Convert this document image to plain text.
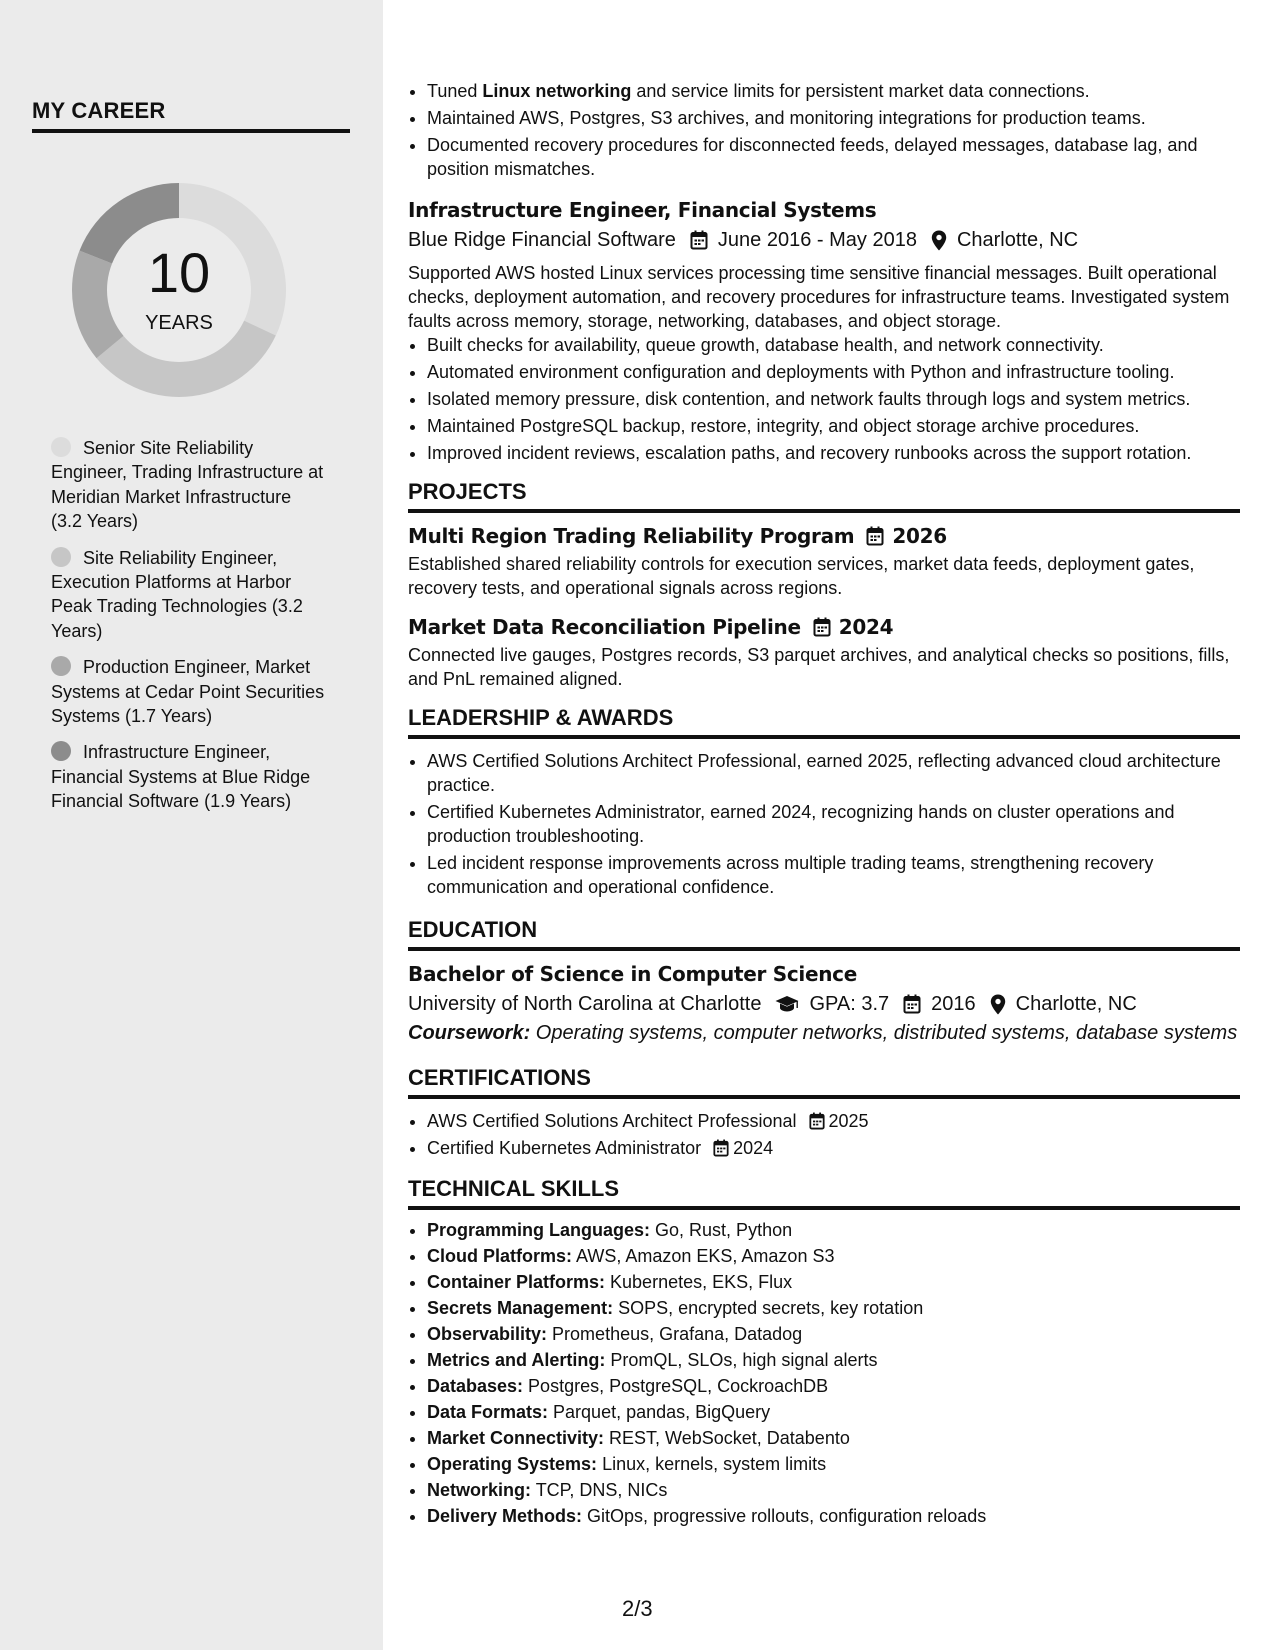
MY CAREER
10
YEARS
Senior Site Reliability Engineer, Trading Infrastructure at Meridian Market Infrastructure (3.2 Years)
Site Reliability Engineer, Execution Platforms at Harbor Peak Trading Technologies (3.2 Years)
Production Engineer, Market Systems at Cedar Point Securities Systems (1.7 Years)
Infrastructure Engineer, Financial Systems at Blue Ridge Financial Software (1.9 Years)
• Tuned Linux networking and service limits for persistent market data connections.
• Maintained AWS, Postgres, S3 archives, and monitoring integrations for production teams.
• Documented recovery procedures for disconnected feeds, delayed messages, database lag, and position mismatches.
Infrastructure Engineer, Financial Systems
Blue Ridge Financial Software June 2016 - May 2018 Charlotte, NC
Supported AWS hosted Linux services processing time sensitive financial messages. Built operational checks, deployment automation, and recovery procedures for infrastructure teams. Investigated system faults across memory, storage, networking, databases, and object storage.
• Built checks for availability, queue growth, database health, and network connectivity.
• Automated environment configuration and deployments with Python and infrastructure tooling.
• Isolated memory pressure, disk contention, and network faults through logs and system metrics.
• Maintained PostgreSQL backup, restore, integrity, and object storage archive procedures.
• Improved incident reviews, escalation paths, and recovery runbooks across the support rotation.
PROJECTS
Multi Region Trading Reliability Program 2026
Established shared reliability controls for execution services, market data feeds, deployment gates, recovery tests, and operational signals across regions.
Market Data Reconciliation Pipeline 2024
Connected live gauges, Postgres records, S3 parquet archives, and analytical checks so positions, fills, and PnL remained aligned.
LEADERSHIP & AWARDS
• AWS Certified Solutions Architect Professional, earned 2025, reflecting advanced cloud architecture practice.
• Certified Kubernetes Administrator, earned 2024, recognizing hands on cluster operations and production troubleshooting.
• Led incident response improvements across multiple trading teams, strengthening recovery communication and operational confidence.
EDUCATION
Bachelor of Science in Computer Science
University of North Carolina at Charlotte GPA: 3.7 2016 Charlotte, NC
Coursework: Operating systems, computer networks, distributed systems, database systems
CERTIFICATIONS
• AWS Certified Solutions Architect Professional 2025
• Certified Kubernetes Administrator 2024
TECHNICAL SKILLS
• Programming Languages: Go, Rust, Python
• Cloud Platforms: AWS, Amazon EKS, Amazon S3
• Container Platforms: Kubernetes, EKS, Flux
• Secrets Management: SOPS, encrypted secrets, key rotation
• Observability: Prometheus, Grafana, Datadog
• Metrics and Alerting: PromQL, SLOs, high signal alerts
• Databases: Postgres, PostgreSQL, CockroachDB
• Data Formats: Parquet, pandas, BigQuery
• Market Connectivity: REST, WebSocket, Databento
• Operating Systems: Linux, kernels, system limits
• Networking: TCP, DNS, NICs
• Delivery Methods: GitOps, progressive rollouts, configuration reloads
2/3
